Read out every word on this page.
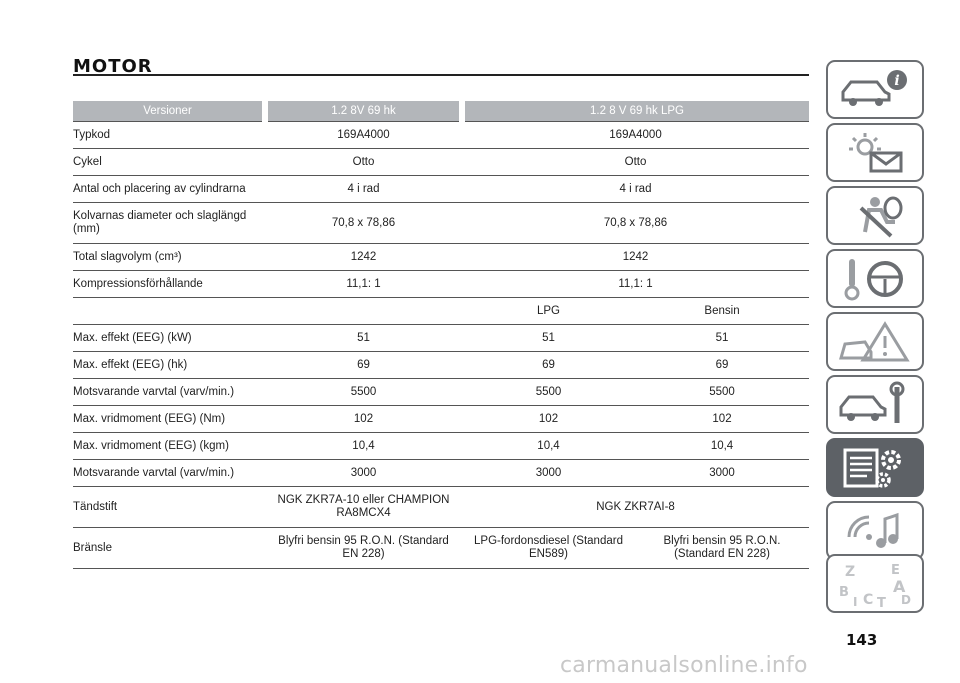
MOTOR
Versioner	1.2 8V 69 hk	1.2 8 V 69 hk LPG	
Typkod	169A4000	169A4000	
Cykel	Otto	Otto	
Antal och placering av cylindrarna	4 i rad	4 i rad	
Kolvarnas diameter och slaglängd (mm)	70,8 x 78,86	70,8 x 78,86	
Total slagvolym (cm³)	1242	1242	
Kompressionsförhållande	11,1: 1	11,1: 1	
		LPG	Bensin
Max. effekt (EEG) (kW)	51	51	51
Max. effekt (EEG) (hk)	69	69	69
Motsvarande varvtal (varv/min.)	5500	5500	5500
Max. vridmoment (EEG) (Nm)	102	102	102
Max. vridmoment (EEG) (kgm)	10,4	10,4	10,4
Motsvarande varvtal (varv/min.)	3000	3000	3000
Tändstift	NGK ZKR7A-10 eller CHAMPION RA8MCX4	NGK ZKR7AI-8	
Bränsle	Blyfri bensin 95 R.O.N. (Standard EN 228)	LPG-fordonsdiesel (Standard EN589)	Blyfri bensin 95 R.O.N. (Standard EN 228)
i
Z	E
A
B	D
C T
I
143
carmanualsonline.info
